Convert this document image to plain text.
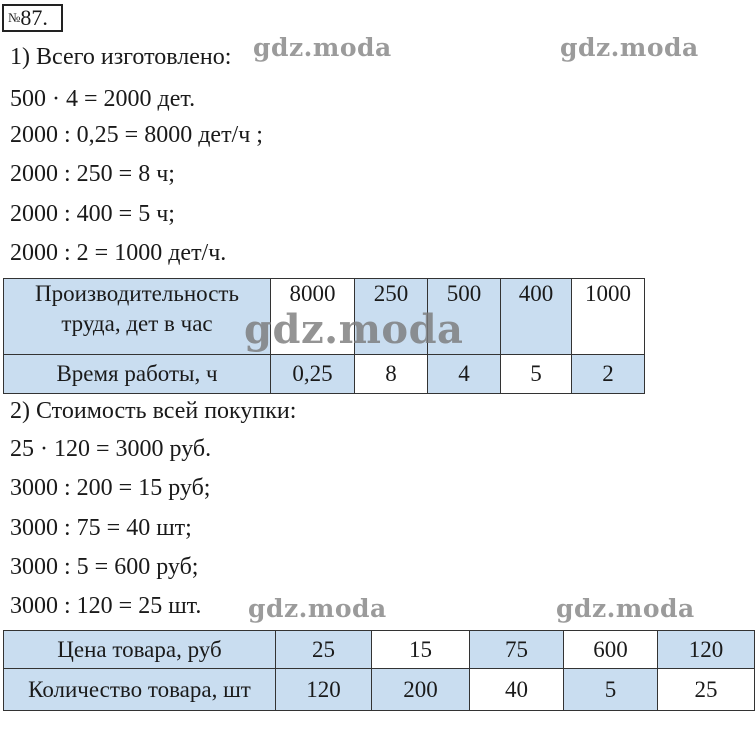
№87.
1) Всего изготовлено:
500 · 4 = 2000 дет.
2000 : 0,25 = 8000 дет/ч ;
2000 : 250 = 8 ч;
2000 : 400 = 5 ч;
2000 : 2 = 1000 дет/ч.
Производительность
труда, дет в час	8000	250	500	400	1000
Время работы, ч	0,25	8	4	5	2
2) Стоимость всей покупки:
25 · 120 = 3000 руб.
3000 : 200 = 15 руб;
3000 : 75 = 40 шт;
3000 : 5 = 600 руб;
3000 : 120 = 25 шт.
Цена товара, руб	25	15	75	600	120
Количество товара, шт	120	200	40	5	25
gdz.moda	gdz.moda
gdz.moda
gdz.moda	gdz.moda
